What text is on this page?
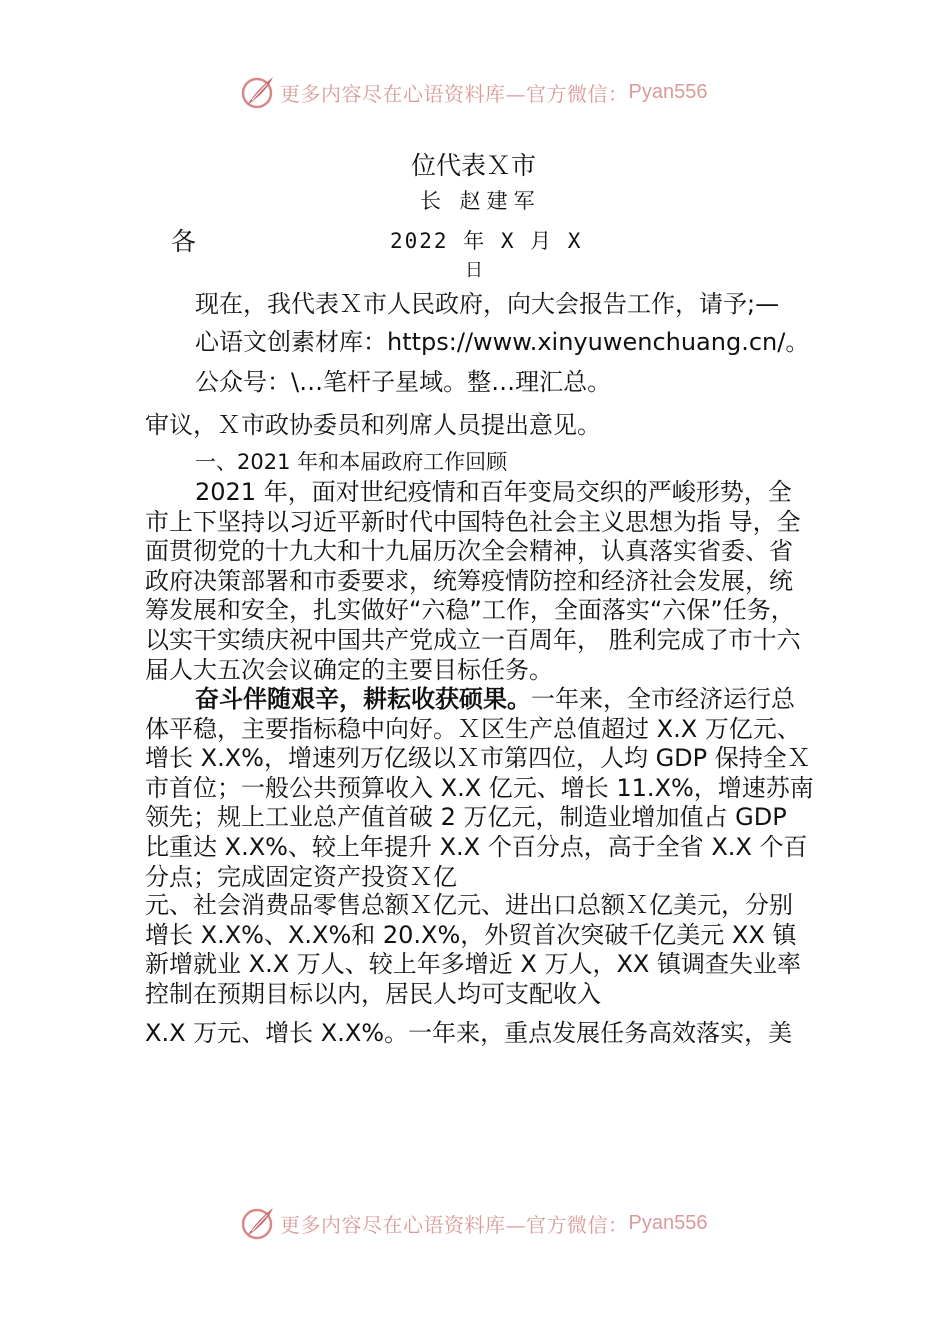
更多内容尽在心语资料库—官方微信： Pyan556
位代表Ｘ市
长 赵建军
各	2022 年 X 月 X
日
现在，我代表Ｘ市人民政府，向大会报告工作，请予;—
心语文创素材库：https://www.xinyuwenchuang.cn/。
公众号：\…笔杆子星域。整…理汇总。
审议，Ｘ市政协委员和列席人员提出意见。
一、2021 年和本届政府工作回顾
2021 年，面对世纪疫情和百年变局交织的严峻形势，全市上下坚持以习近平新时代中国特色社会主义思想为指 导，全面贯彻党的十九大和十九届历次全会精神，认真落实省委、省政府决策部署和市委要求，统筹疫情防控和经济社会发展，统筹发展和安全，扎实做好“六稳”工作，全面落实“六保”任务，以实干实绩庆祝中国共产党成立一百周年， 胜利完成了市十六届人大五次会议确定的主要目标任务。
奋斗伴随艰辛，耕耘收获硕果。一年来，全市经济运行总体平稳，主要指标稳中向好。Ｘ区生产总值超过 X.X 万亿元、增长 X.X%，增速列万亿级以Ｘ市第四位，人均 GDP 保持全Ｘ市首位；一般公共预算收入 X.X 亿元、增长 11.X%，增速苏南领先；规上工业总产值首破 2 万亿元，制造业增加值占 GDP 比重达 X.X%、较上年提升 X.X 个百分点，高于全省 X.X 个百分点；完成固定资产投资Ｘ亿
元、社会消费品零售总额Ｘ亿元、进出口总额Ｘ亿美元，分别增长 X.X%、X.X%和 20.X%，外贸首次突破千亿美元 XX 镇新增就业 X.X 万人、较上年多增近 X 万人，XX 镇调查失业率控制在预期目标以内，居民人均可支配收入
X.X 万元、增长 X.X%。一年来，重点发展任务高效落实，美
更多内容尽在心语资料库—官方微信： Pyan556
